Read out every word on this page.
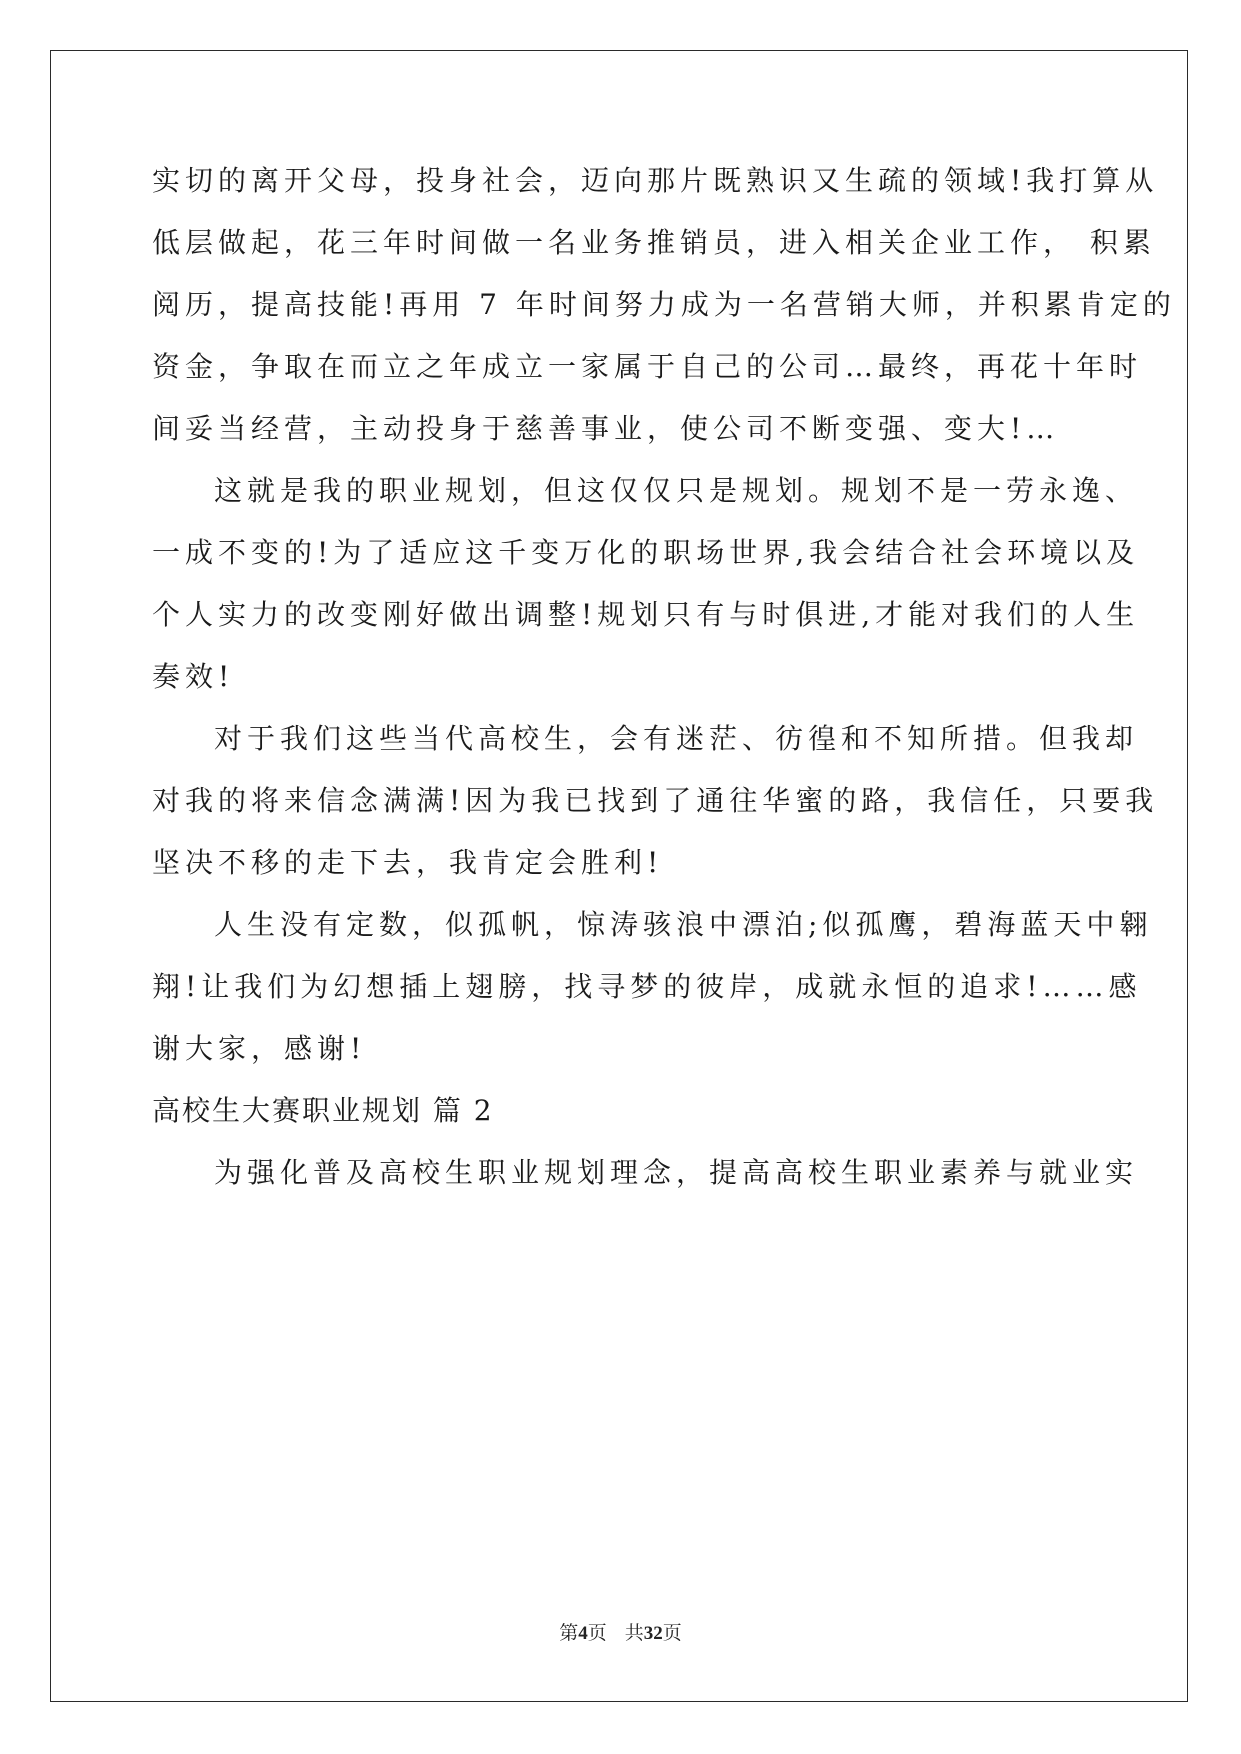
实切的离开父母，投身社会，迈向那片既熟识又生疏的领域!我打算从
低层做起，花三年时间做一名业务推销员，进入相关企业工作， 积累
阅历，提高技能!再用 7 年时间努力成为一名营销大师，并积累肯定的
资金，争取在而立之年成立一家属于自己的公司…最终，再花十年时
间妥当经营，主动投身于慈善事业，使公司不断变强、变大!…
这就是我的职业规划，但这仅仅只是规划。规划不是一劳永逸、
一成不变的!为了适应这千变万化的职场世界,我会结合社会环境以及
个人实力的改变刚好做出调整!规划只有与时俱进,才能对我们的人生
奏效!
对于我们这些当代高校生，会有迷茫、彷徨和不知所措。但我却
对我的将来信念满满!因为我已找到了通往华蜜的路，我信任，只要我
坚决不移的走下去，我肯定会胜利!
人生没有定数，似孤帆，惊涛骇浪中漂泊;似孤鹰，碧海蓝天中翱
翔!让我们为幻想插上翅膀，找寻梦的彼岸，成就永恒的追求!……感
谢大家，感谢!
高校生大赛职业规划 篇 2
为强化普及高校生职业规划理念，提高高校生职业素养与就业实
第4页 共32页
